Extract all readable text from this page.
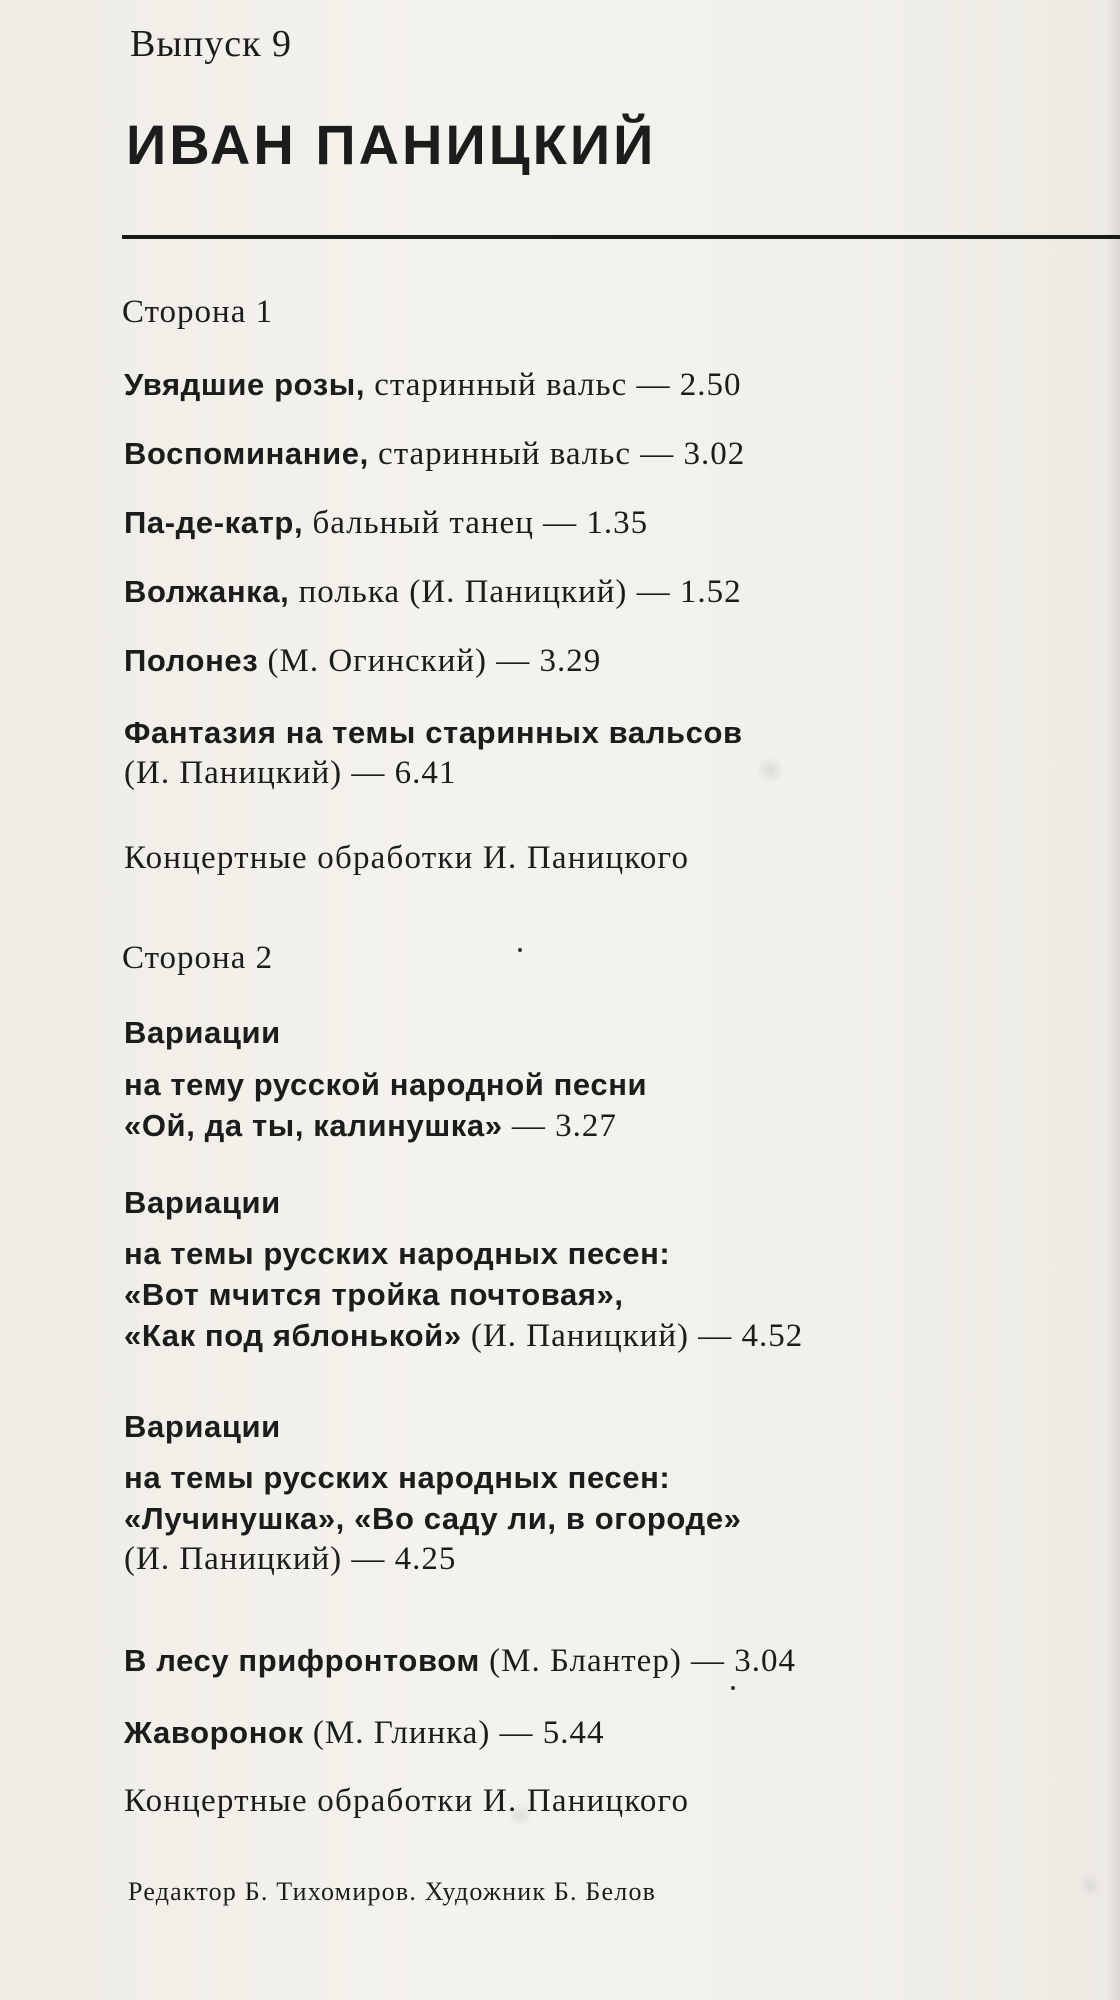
Выпуск 9
ИВАН ПАНИЦКИЙ
Сторона 1
Увядшие розы, старинный вальс — 2.50
Воспоминание, старинный вальс — 3.02
Па-де-катр, бальный танец — 1.35
Волжанка, полька (И. Паницкий) — 1.52
Полонез (М. Огинский) — 3.29
Фантазия на темы старинных вальсов
(И. Паницкий) — 6.41
Концертные обработки И. Паницкого
Сторона 2
Вариации
на тему русской народной песни
«Ой, да ты, калинушка» — 3.27
Вариации
на темы русских народных песен:
«Вот мчится тройка почтовая»,
«Как под яблонькой» (И. Паницкий) — 4.52
Вариации
на темы русских народных песен:
«Лучинушка», «Во саду ли, в огороде»
(И. Паницкий) — 4.25
В лесу прифронтовом (М. Блантер) — 3.04
Жаворонок (М. Глинка) — 5.44
Концертные обработки И. Паницкого
Редактор Б. Тихомиров. Художник Б. Белов
